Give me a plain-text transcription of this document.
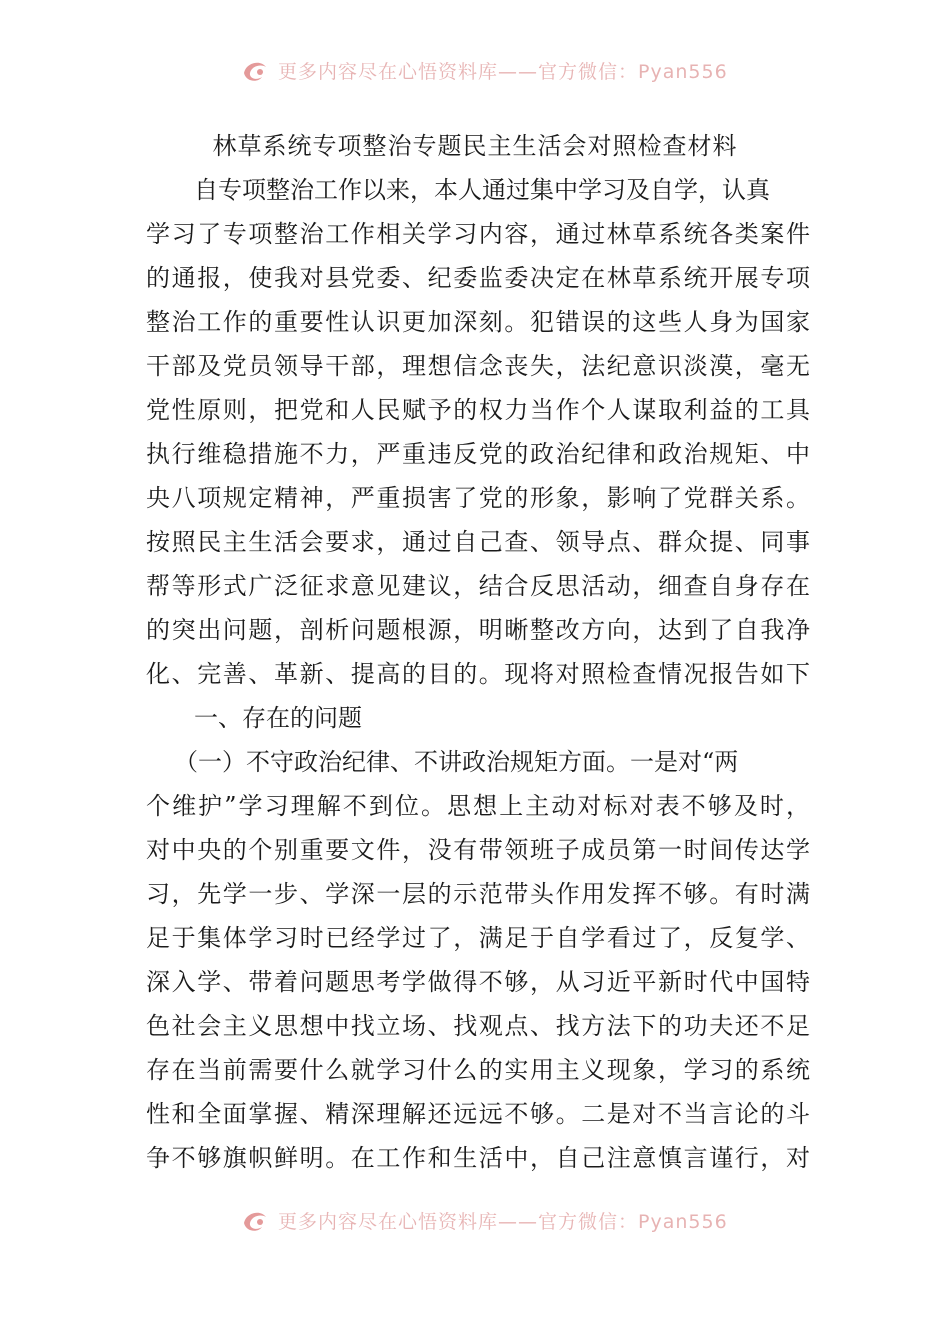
更多内容尽在心悟资料库——官方微信：Pyan556
林草系统专项整治专题民主生活会对照检查材料
自专项整治工作以来，本人通过集中学习及自学，认真
学习了专项整治工作相关学习内容，通过林草系统各类案件
的通报，使我对县党委、纪委监委决定在林草系统开展专项
整治工作的重要性认识更加深刻。犯错误的这些人身为国家
干部及党员领导干部，理想信念丧失，法纪意识淡漠，毫无
党性原则，把党和人民赋予的权力当作个人谋取利益的工具
执行维稳措施不力，严重违反党的政治纪律和政治规矩、中
央八项规定精神，严重损害了党的形象，影响了党群关系。
按照民主生活会要求，通过自己查、领导点、群众提、同事
帮等形式广泛征求意见建议，结合反思活动，细查自身存在
的突出问题，剖析问题根源，明晰整改方向，达到了自我净
化、完善、革新、提高的目的。现将对照检查情况报告如下
一、存在的问题
（一）不守政治纪律、不讲政治规矩方面。一是对“两
个维护”学习理解不到位。思想上主动对标对表不够及时，
对中央的个别重要文件，没有带领班子成员第一时间传达学
习，先学一步、学深一层的示范带头作用发挥不够。有时满
足于集体学习时已经学过了，满足于自学看过了，反复学、
深入学、带着问题思考学做得不够，从习近平新时代中国特
色社会主义思想中找立场、找观点、找方法下的功夫还不足
存在当前需要什么就学习什么的实用主义现象，学习的系统
性和全面掌握、精深理解还远远不够。二是对不当言论的斗
争不够旗帜鲜明。在工作和生活中，自己注意慎言谨行，对
更多内容尽在心悟资料库——官方微信：Pyan556
